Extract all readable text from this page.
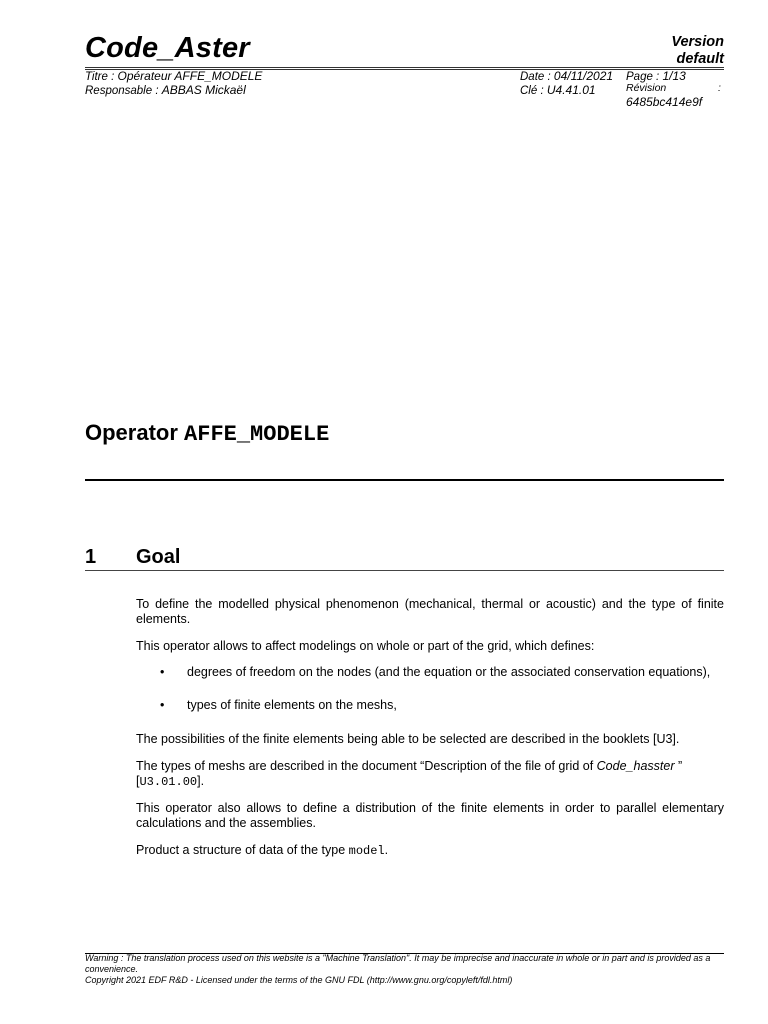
Code_Aster	Version
default
Titre : Opérateur AFFE_MODELE
Responsable : ABBAS Mickaël
Date : 04/11/2021
Clé : U4.41.01
Page : 1/13
Révision	:
6485bc414e9f
Operator AFFE_MODELE
1 Goal
To define the modelled physical phenomenon (mechanical, thermal or acoustic) and the type of finite elements.
This operator allows to affect modelings on whole or part of the grid, which defines:
• degrees of freedom on the nodes (and the equation or the associated conservation equations),
• types of finite elements on the meshs,
The possibilities of the finite elements being able to be selected are described in the booklets [U3].
The types of meshs are described in the document “Description of the file of grid of Code_hasster ”
[U3.01.00].
This operator also allows to define a distribution of the finite elements in order to parallel elementary calculations and the assemblies.
Product a structure of data of the type model.
Warning : The translation process used on this website is a "Machine Translation". It may be imprecise and inaccurate in whole or in part and is provided as a convenience.
Copyright 2021 EDF R&D - Licensed under the terms of the GNU FDL (http://www.gnu.org/copyleft/fdl.html)
